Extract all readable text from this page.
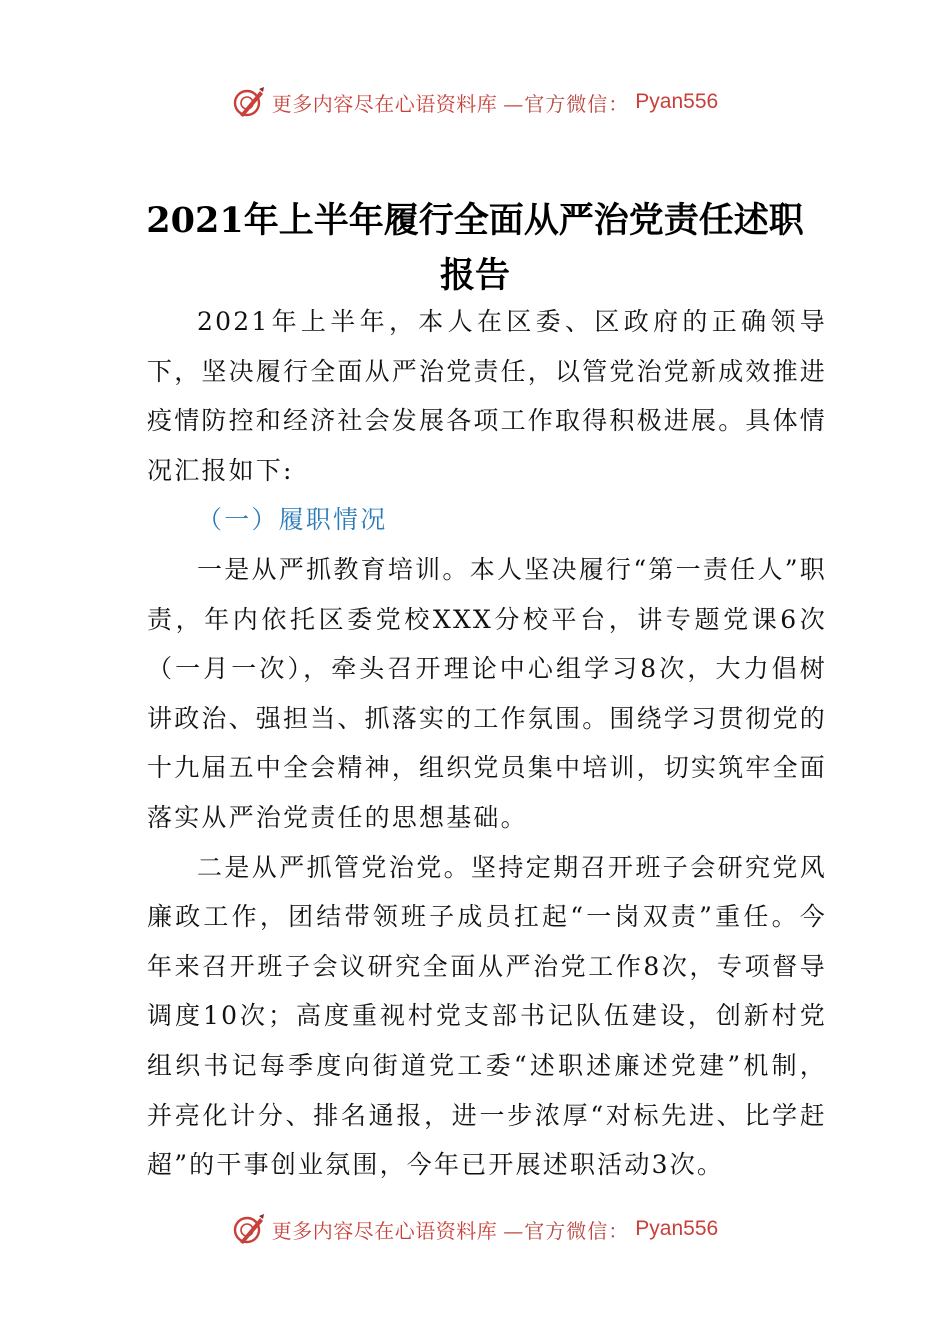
更多内容尽在心语资料库 —官方微信： Pyan556
2021年上半年履行全面从严治党责任述职
报告

2021年上半年，本人在区委、区政府的正确领导下，坚决履行全面从严治党责任，以管党治党新成效推进疫情防控和经济社会发展各项工作取得积极进展。具体情况汇报如下:

（一）履职情况

一是从严抓教育培训。本人坚决履行“第一责任人”职责，年内依托区委党校XXX分校平台，讲专题党课6次（一月一次），牵头召开理论中心组学习8次，大力倡树讲政治、强担当、抓落实的工作氛围。围绕学习贯彻党的十九届五中全会精神，组织党员集中培训，切实筑牢全面落实从严治党责任的思想基础。

二是从严抓管党治党。坚持定期召开班子会研究党风廉政工作，团结带领班子成员扛起“一岗双责”重任。今年来召开班子会议研究全面从严治党工作8次，专项督导调度10次；高度重视村党支部书记队伍建设，创新村党组织书记每季度向街道党工委“述职述廉述党建”机制，并亮化计分、排名通报，进一步浓厚“对标先进、比学赶超”的干事创业氛围，今年已开展述职活动3次。

更多内容尽在心语资料库 —官方微信： Pyan556
